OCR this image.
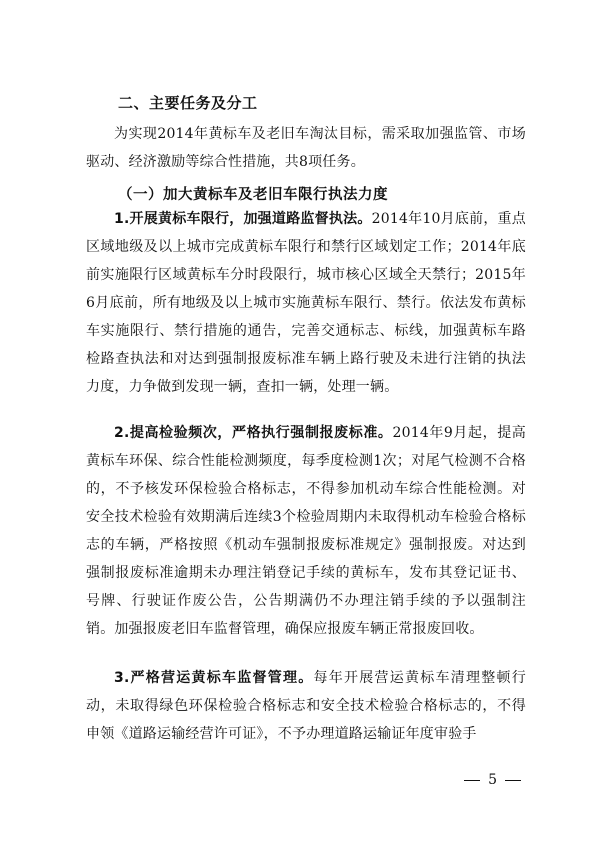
二、主要任务及分工

为实现2014年黄标车及老旧车淘汰目标，需采取加强监管、市场驱动、经济激励等综合性措施，共8项任务。

（一）加大黄标车及老旧车限行执法力度

1.开展黄标车限行，加强道路监督执法。2014年10月底前，重点区域地级及以上城市完成黄标车限行和禁行区域划定工作；2014年底前实施限行区域黄标车分时段限行，城市核心区域全天禁行；2015年6月底前，所有地级及以上城市实施黄标车限行、禁行。依法发布黄标车实施限行、禁行措施的通告，完善交通标志、标线，加强黄标车路检路查执法和对达到强制报废标准车辆上路行驶及未进行注销的执法力度，力争做到发现一辆，查扣一辆，处理一辆。

2.提高检验频次，严格执行强制报废标准。2014年9月起，提高黄标车环保、综合性能检测频度，每季度检测1次；对尾气检测不合格的，不予核发环保检验合格标志，不得参加机动车综合性能检测。对安全技术检验有效期满后连续3个检验周期内未取得机动车检验合格标志的车辆，严格按照《机动车强制报废标准规定》强制报废。对达到强制报废标准逾期未办理注销登记手续的黄标车，发布其登记证书、号牌、行驶证作废公告，公告期满仍不办理注销手续的予以强制注销。加强报废老旧车监督管理，确保应报废车辆正常报废回收。

3.严格营运黄标车监督管理。每年开展营运黄标车清理整顿行动，未取得绿色环保检验合格标志和安全技术检验合格标志的，不得申领《道路运输经营许可证》，不予办理道路运输证年度审验手

5
